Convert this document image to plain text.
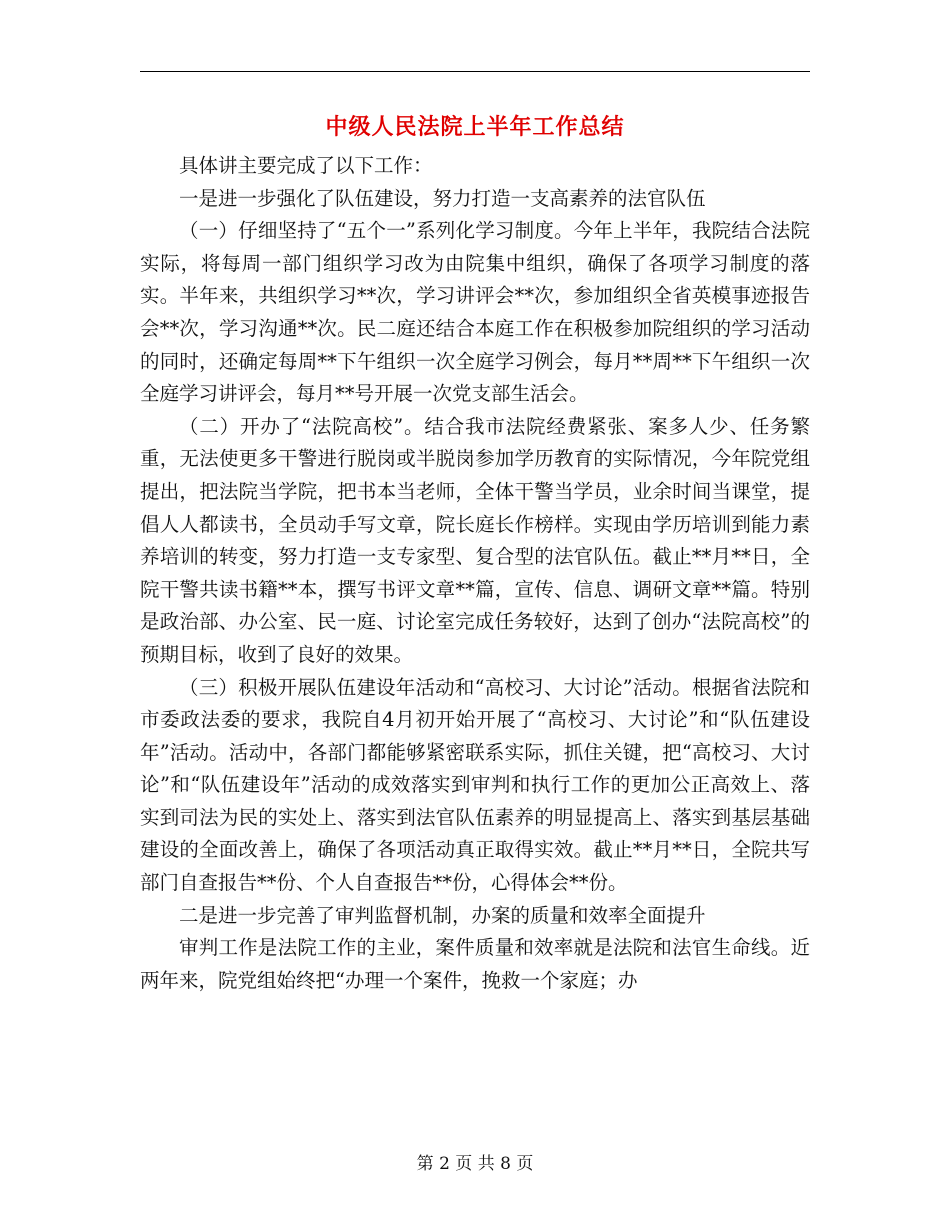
中级人民法院上半年工作总结

具体讲主要完成了以下工作：

一是进一步强化了队伍建设，努力打造一支高素养的法官队伍

（一）仔细坚持了“五个一”系列化学习制度。今年上半年，我院结合法院实际，将每周一部门组织学习改为由院集中组织，确保了各项学习制度的落实。半年来，共组织学习**次，学习讲评会**次，参加组织全省英模事迹报告会**次，学习沟通**次。民二庭还结合本庭工作在积极参加院组织的学习活动的同时，还确定每周**下午组织一次全庭学习例会，每月**周**下午组织一次全庭学习讲评会，每月**号开展一次党支部生活会。

（二）开办了“法院高校”。结合我市法院经费紧张、案多人少、任务繁重，无法使更多干警进行脱岗或半脱岗参加学历教育的实际情况，今年院党组提出，把法院当学院，把书本当老师，全体干警当学员，业余时间当课堂，提倡人人都读书，全员动手写文章，院长庭长作榜样。实现由学历培训到能力素养培训的转变，努力打造一支专家型、复合型的法官队伍。截止**月**日，全院干警共读书籍**本，撰写书评文章**篇，宣传、信息、调研文章**篇。特别是政治部、办公室、民一庭、讨论室完成任务较好，达到了创办“法院高校”的预期目标，收到了良好的效果。

（三）积极开展队伍建设年活动和“高校习、大讨论”活动。根据省法院和市委政法委的要求，我院自4月初开始开展了“高校习、大讨论”和“队伍建设年”活动。活动中，各部门都能够紧密联系实际，抓住关键，把“高校习、大讨论”和“队伍建设年”活动的成效落实到审判和执行工作的更加公正高效上、落实到司法为民的实处上、落实到法官队伍素养的明显提高上、落实到基层基础建设的全面改善上，确保了各项活动真正取得实效。截止**月**日，全院共写部门自查报告**份、个人自查报告**份，心得体会**份。

二是进一步完善了审判监督机制，办案的质量和效率全面提升

审判工作是法院工作的主业，案件质量和效率就是法院和法官生命线。近两年来，院党组始终把“办理一个案件，挽救一个家庭；办

第 2 页 共 8 页
